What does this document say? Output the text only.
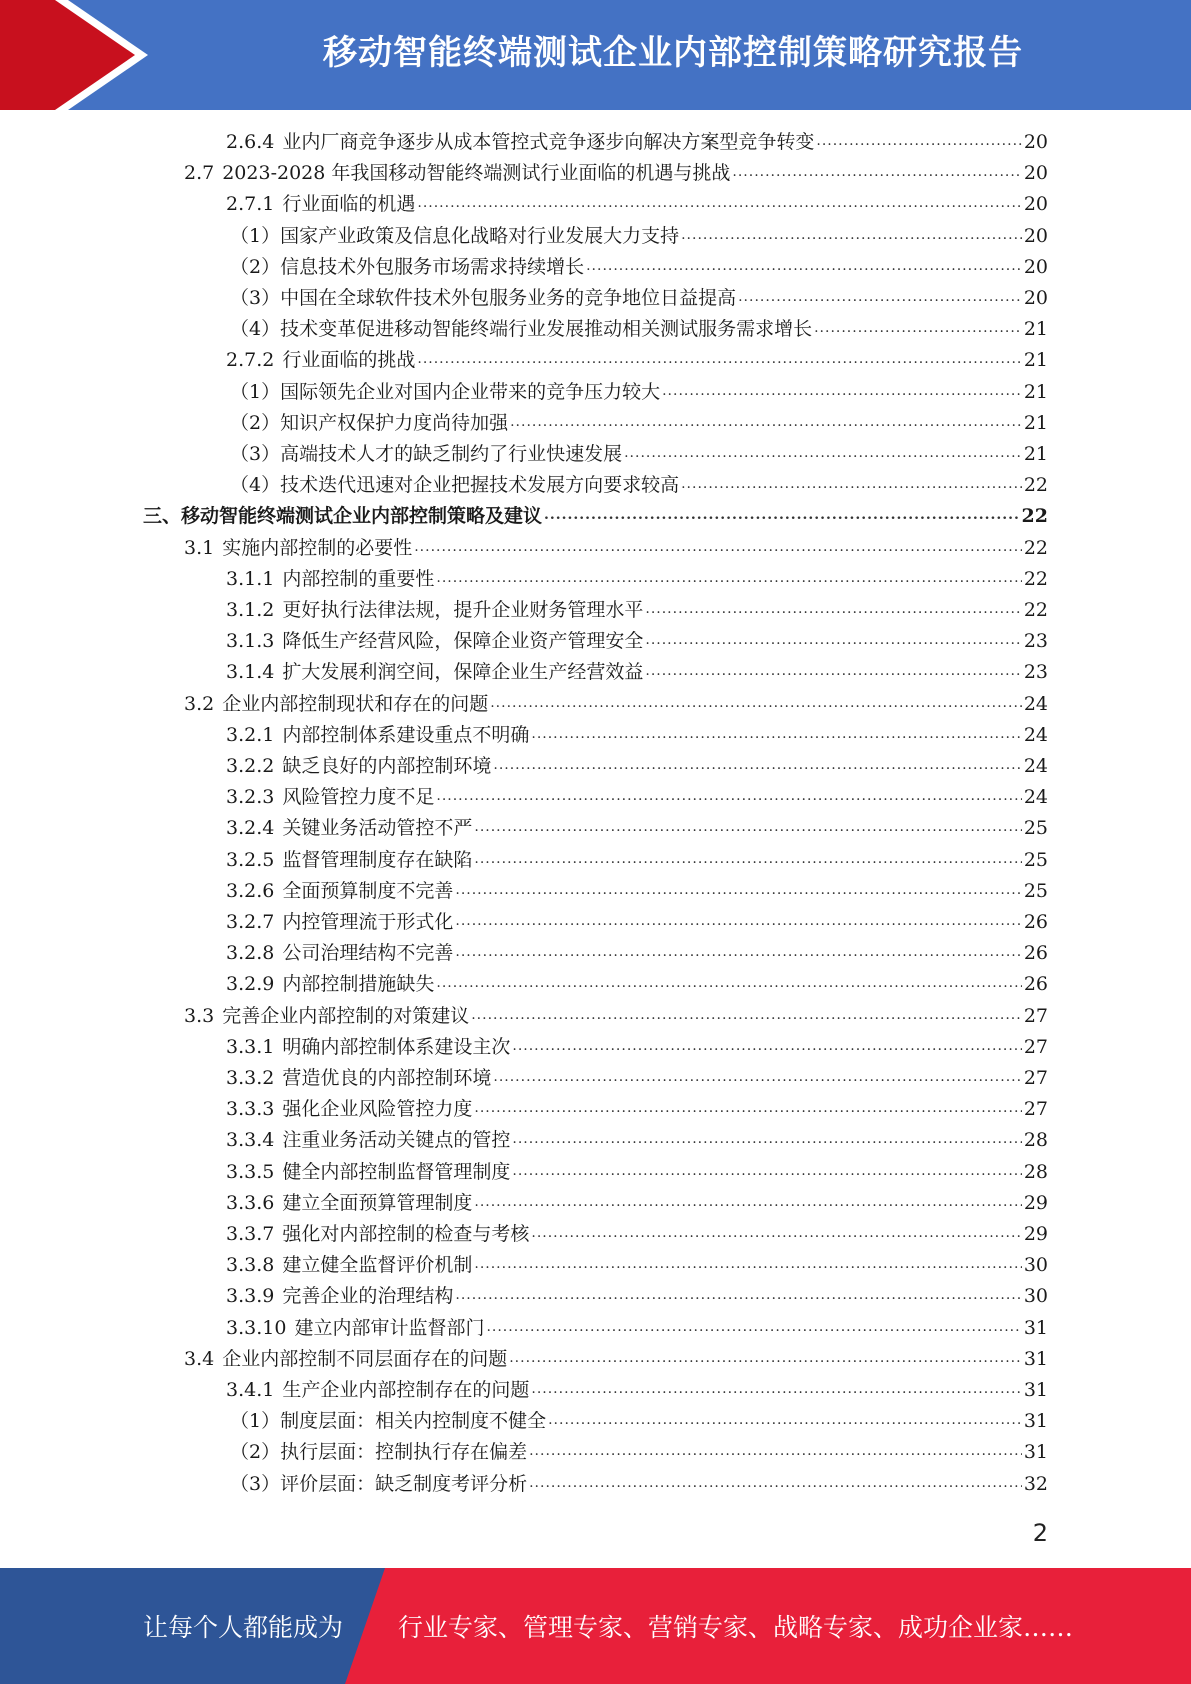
移动智能终端测试企业内部控制策略研究报告
2.6.4 业内厂商竞争逐步从成本管控式竞争逐步向解决方案型竞争转变 .....	20
2.7 2023-2028 年我国移动智能终端测试行业面临的机遇与挑战 .....	20
2.7.1 行业面临的机遇 .....	20
（1）国家产业政策及信息化战略对行业发展大力支持 .....	20
（2）信息技术外包服务市场需求持续增长 .....	20
（3）中国在全球软件技术外包服务业务的竞争地位日益提高 .....	20
（4）技术变革促进移动智能终端行业发展推动相关测试服务需求增长 .....	21
2.7.2 行业面临的挑战 .....	21
（1）国际领先企业对国内企业带来的竞争压力较大 .....	21
（2）知识产权保护力度尚待加强 .....	21
（3）高端技术人才的缺乏制约了行业快速发展 .....	21
（4）技术迭代迅速对企业把握技术发展方向要求较高 .....	22
三、移动智能终端测试企业内部控制策略及建议 .....	22
3.1 实施内部控制的必要性 .....	22
3.1.1 内部控制的重要性 .....	22
3.1.2 更好执行法律法规，提升企业财务管理水平 .....	22
3.1.3 降低生产经营风险，保障企业资产管理安全 .....	23
3.1.4 扩大发展利润空间，保障企业生产经营效益 .....	23
3.2 企业内部控制现状和存在的问题 .....	24
3.2.1 内部控制体系建设重点不明确 .....	24
3.2.2 缺乏良好的内部控制环境 .....	24
3.2.3 风险管控力度不足 .....	24
3.2.4 关键业务活动管控不严 .....	25
3.2.5 监督管理制度存在缺陷 .....	25
3.2.6 全面预算制度不完善 .....	25
3.2.7 内控管理流于形式化 .....	26
3.2.8 公司治理结构不完善 .....	26
3.2.9 内部控制措施缺失 .....	26
3.3 完善企业内部控制的对策建议 .....	27
3.3.1 明确内部控制体系建设主次 .....	27
3.3.2 营造优良的内部控制环境 .....	27
3.3.3 强化企业风险管控力度 .....	27
3.3.4 注重业务活动关键点的管控 .....	28
3.3.5 健全内部控制监督管理制度 .....	28
3.3.6 建立全面预算管理制度 .....	29
3.3.7 强化对内部控制的检查与考核 .....	29
3.3.8 建立健全监督评价机制 .....	30
3.3.9 完善企业的治理结构 .....	30
3.3.10 建立内部审计监督部门 .....	31
3.4 企业内部控制不同层面存在的问题 .....	31
3.4.1 生产企业内部控制存在的问题 .....	31
（1）制度层面：相关内控制度不健全 .....	31
（2）执行层面：控制执行存在偏差 .....	31
（3）评价层面：缺乏制度考评分析 .....	32
2
让每个人都能成为 行业专家、管理专家、营销专家、战略专家、成功企业家……
